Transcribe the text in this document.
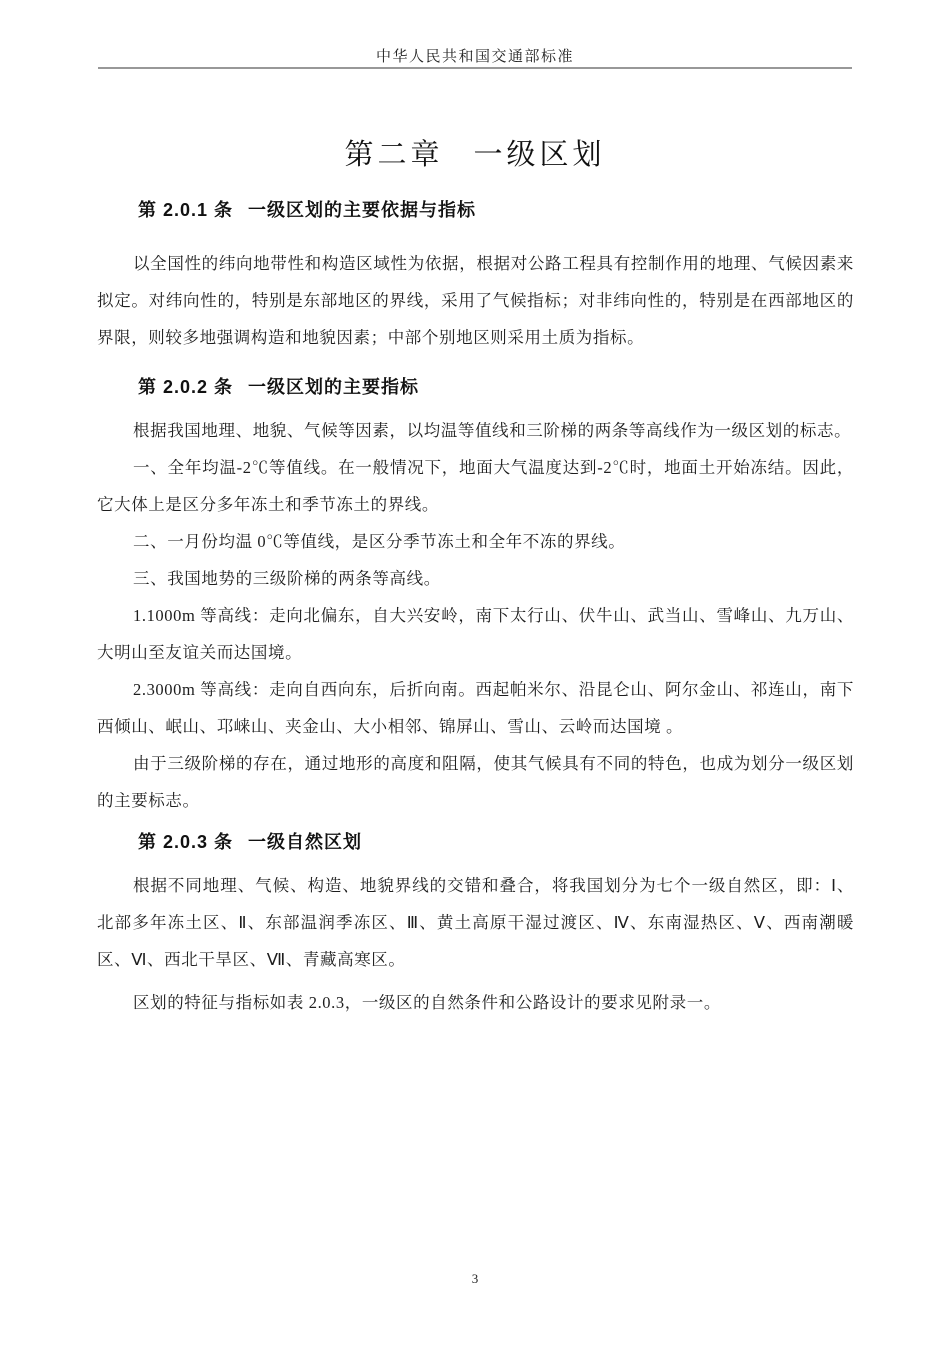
中华人民共和国交通部标准
第二章 一级区划
第 2.0.1 条 一级区划的主要依据与指标

以全国性的纬向地带性和构造区域性为依据，根据对公路工程具有控制作用的地理、气候因素来拟定。对纬向性的，特别是东部地区的界线，采用了气候指标；对非纬向性的，特别是在西部地区的界限，则较多地强调构造和地貌因素；中部个别地区则采用土质为指标。

第 2.0.2 条 一级区划的主要指标

根据我国地理、地貌、气候等因素，以均温等值线和三阶梯的两条等高线作为一级区划的标志。

一、全年均温-2℃等值线。在一般情况下，地面大气温度达到-2℃时，地面土开始冻结。因此，它大体上是区分多年冻土和季节冻土的界线。

二、一月份均温 0℃等值线，是区分季节冻土和全年不冻的界线。

三、我国地势的三级阶梯的两条等高线。

1.1000m 等高线：走向北偏东，自大兴安岭，南下太行山、伏牛山、武当山、雪峰山、九万山、大明山至友谊关而达国境。

2.3000m 等高线：走向自西向东，后折向南。西起帕米尔、沿昆仑山、阿尔金山、祁连山，南下西倾山、岷山、邛崃山、夹金山、大小相邻、锦屏山、雪山、云岭而达国境 。

由于三级阶梯的存在，通过地形的高度和阻隔，使其气候具有不同的特色，也成为划分一级区划的主要标志。

第 2.0.3 条 一级自然区划

根据不同地理、气候、构造、地貌界线的交错和叠合，将我国划分为七个一级自然区，即：Ⅰ、北部多年冻土区、Ⅱ、东部温润季冻区、Ⅲ、黄土高原干湿过渡区、Ⅳ、东南湿热区、Ⅴ、西南潮暖区、Ⅵ、西北干旱区、Ⅶ、青藏高寒区。

区划的特征与指标如表 2.0.3，一级区的自然条件和公路设计的要求见附录一。

3
